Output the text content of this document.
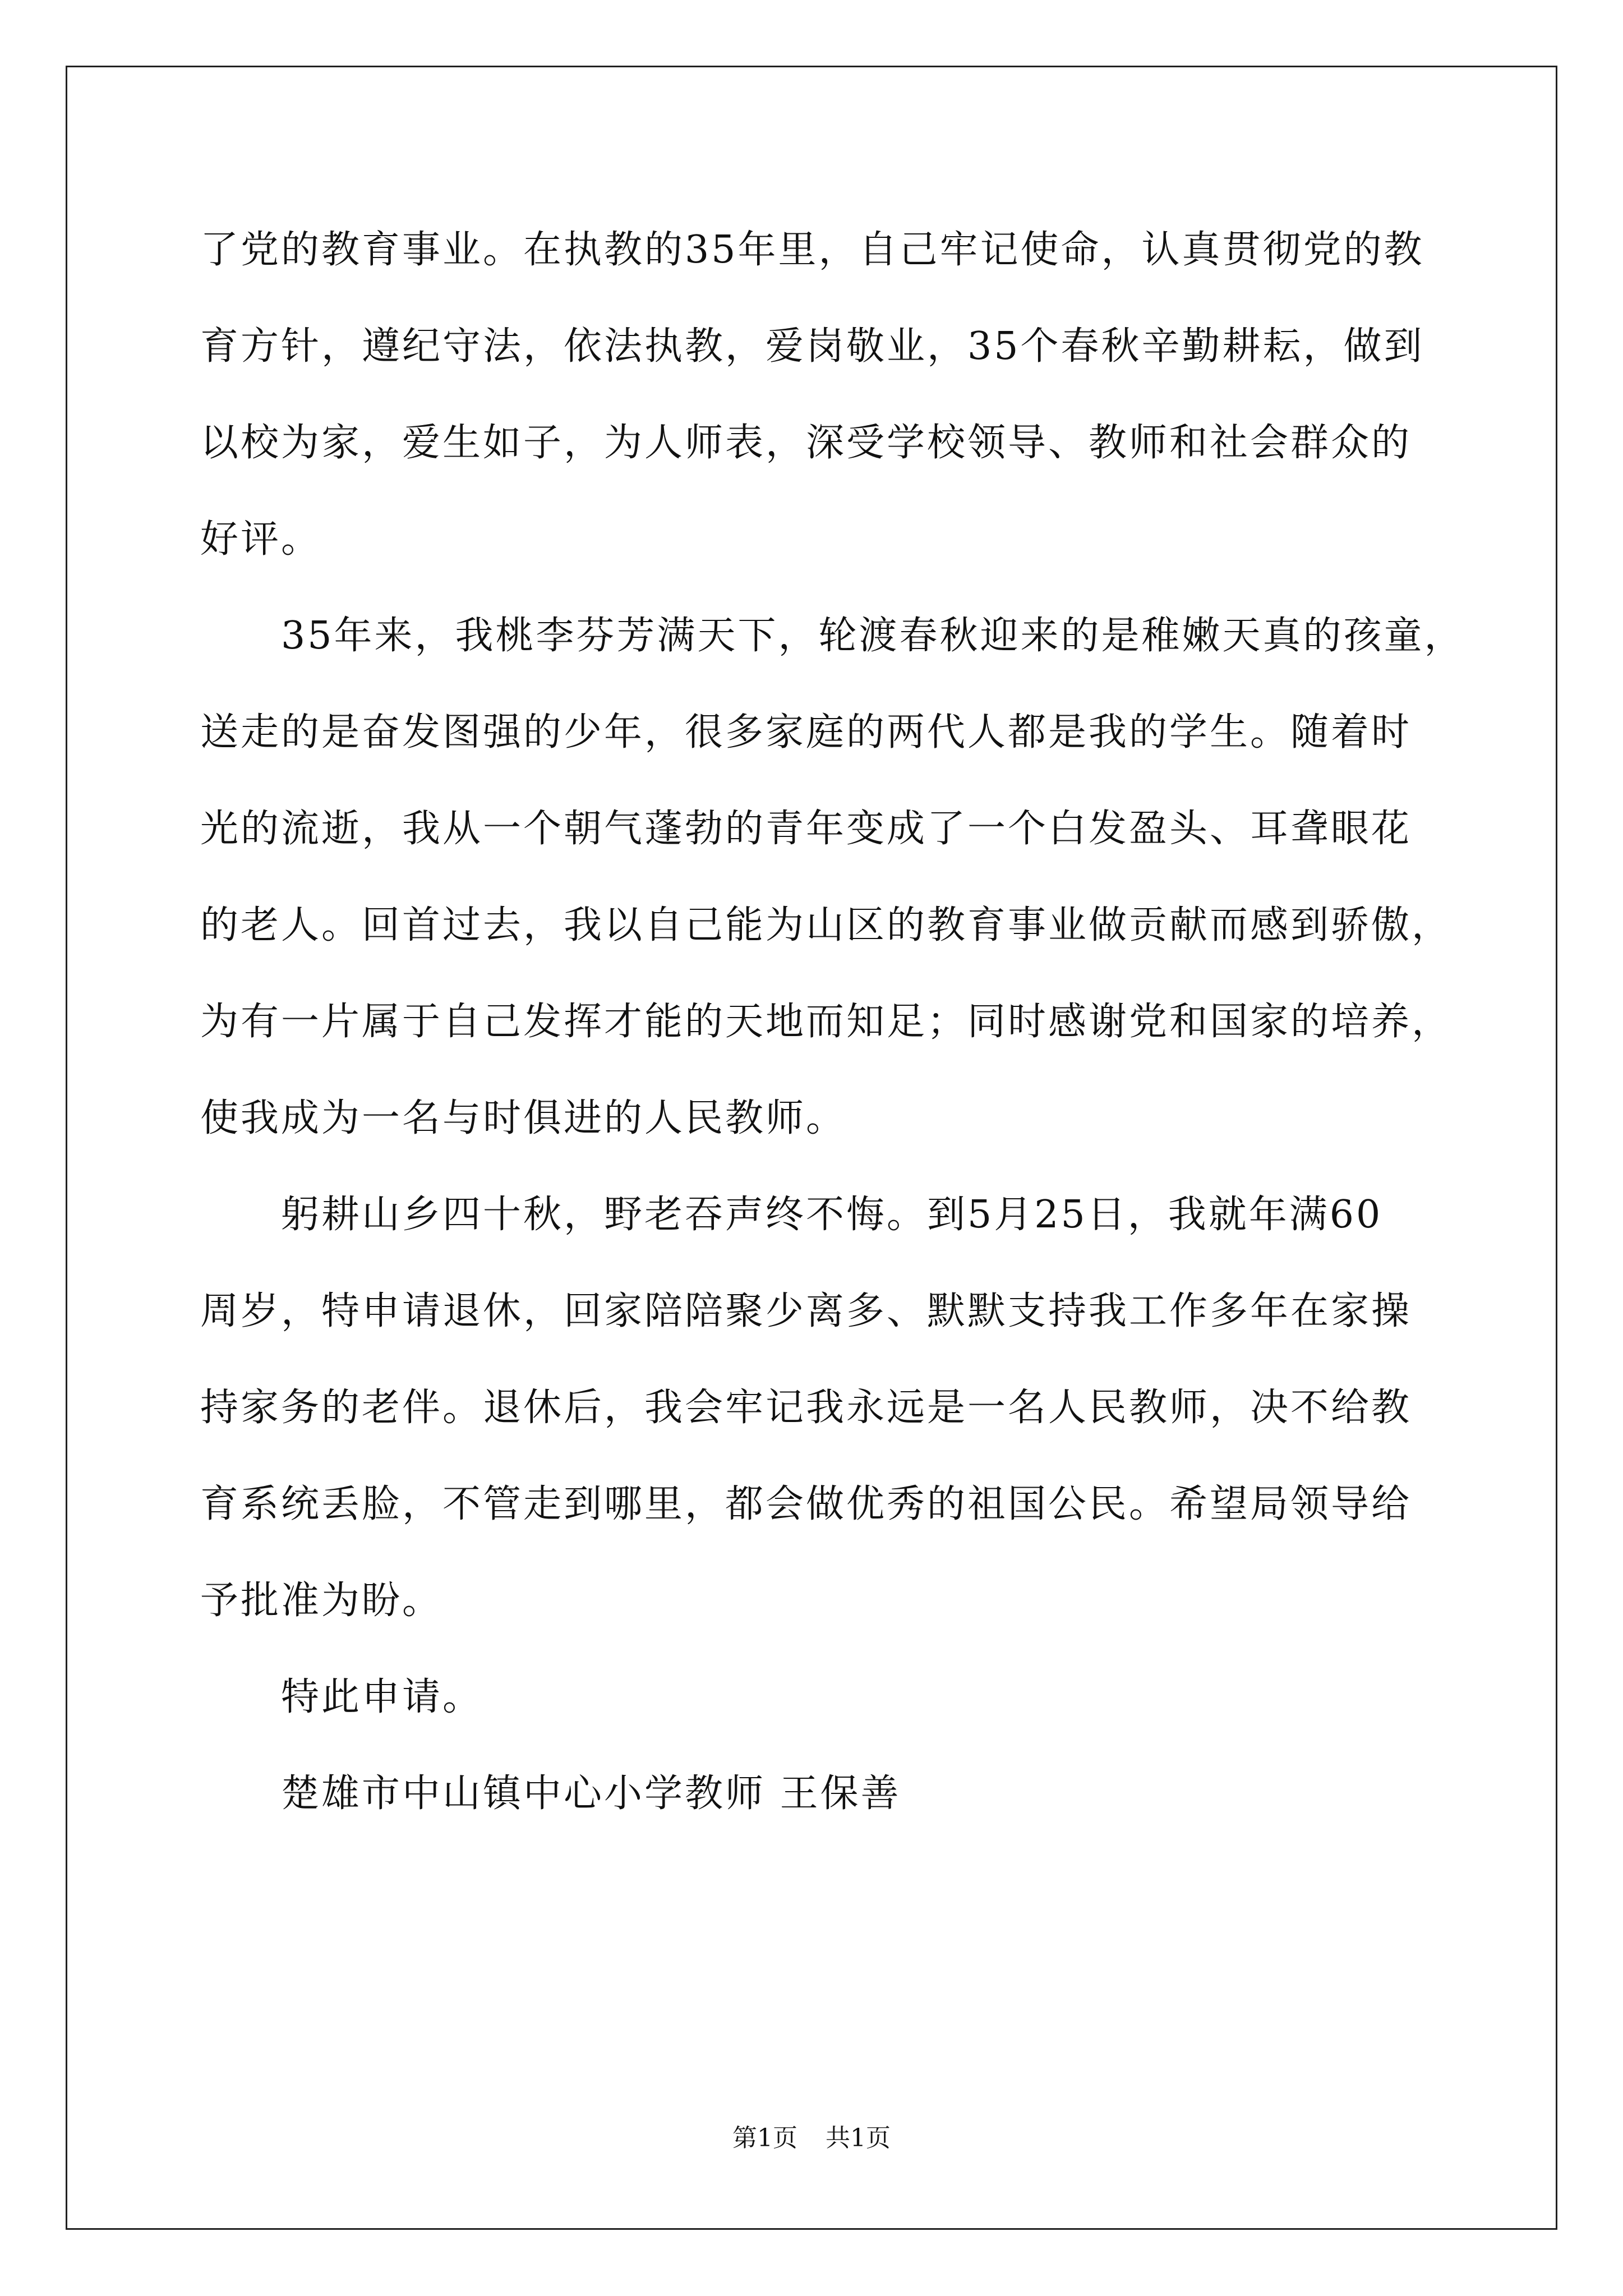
了党的教育事业。在执教的35年里，自己牢记使命，认真贯彻党的教
育方针，遵纪守法，依法执教，爱岗敬业，35个春秋辛勤耕耘，做到
以校为家，爱生如子，为人师表，深受学校领导、教师和社会群众的
好评。
　　35年来，我桃李芬芳满天下，轮渡春秋迎来的是稚嫩天真的孩童，
送走的是奋发图强的少年，很多家庭的两代人都是我的学生。随着时
光的流逝，我从一个朝气蓬勃的青年变成了一个白发盈头、耳聋眼花
的老人。回首过去，我以自己能为山区的教育事业做贡献而感到骄傲，
为有一片属于自己发挥才能的天地而知足；同时感谢党和国家的培养，
使我成为一名与时俱进的人民教师。
　　躬耕山乡四十秋，野老吞声终不悔。到5月25日，我就年满60
周岁，特申请退休，回家陪陪聚少离多、默默支持我工作多年在家操
持家务的老伴。退休后，我会牢记我永远是一名人民教师，决不给教
育系统丢脸，不管走到哪里，都会做优秀的祖国公民。希望局领导给
予批准为盼。
　　特此申请。
　　楚雄市中山镇中心小学教师 王保善
第1页 共1页
